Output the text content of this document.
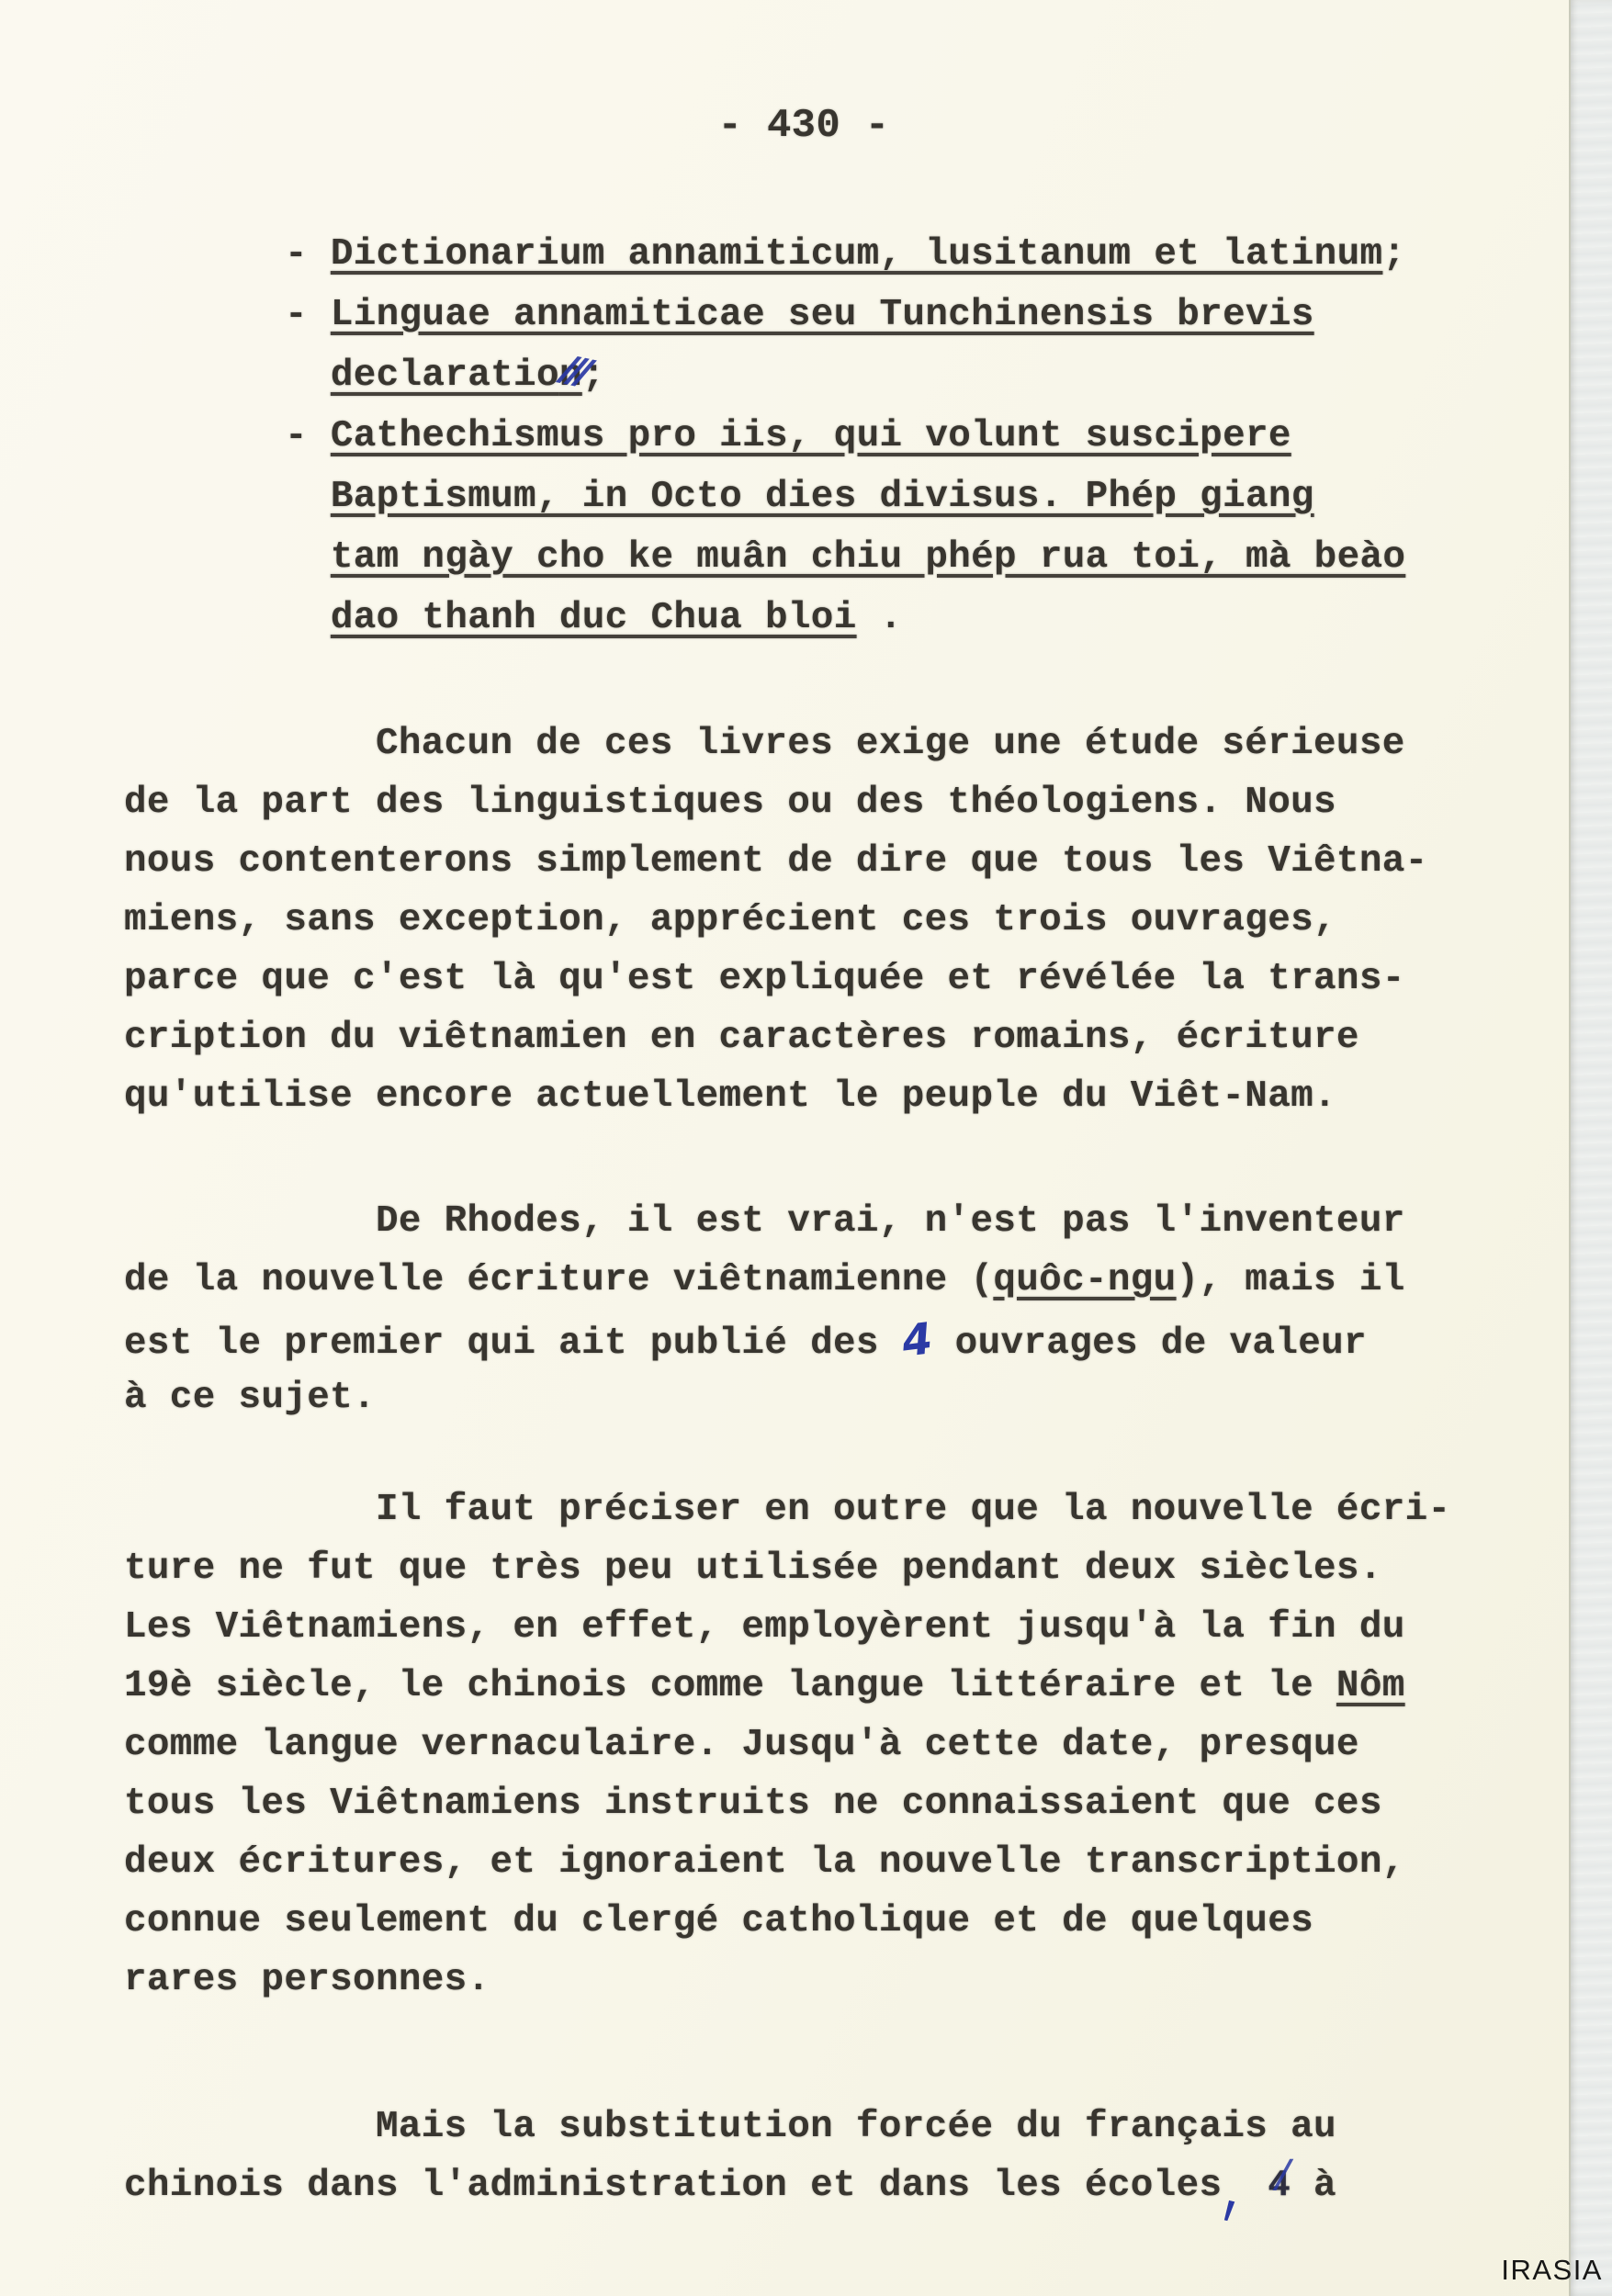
- 430 -
- Dictionarium annamiticum, lusitanum et latinum;
- Linguae annamiticae seu Tunchinensis brevis
declaration ///;
- Cathechismus pro iis, qui volunt suscipere
Baptismum, in Octo dies divisus. Phép giang
tam ngày cho ke muân chiu phép rua toi, mà beào
dao thanh duc Chua bloi .
Chacun de ces livres exige une étude sérieuse
de la part des linguistiques ou des théologiens. Nous
nous contenterons simplement de dire que tous les Viêtna-
miens, sans exception, apprécient ces trois ouvrages,
parce que c'est là qu'est expliquée et révélée la trans-
cription du viêtnamien en caractères romains, écriture
qu'utilise encore actuellement le peuple du Viêt-Nam.
De Rhodes, il est vrai, n'est pas l'inventeur
de la nouvelle écriture viêtnamienne (quôc-ngu), mais il
est le premier qui ait publié des 4 ouvrages de valeur
à ce sujet.
Il faut préciser en outre que la nouvelle écri-
ture ne fut que très peu utilisée pendant deux siècles.
Les Viêtnamiens, en effet, employèrent jusqu'à la fin du
19è siècle, le chinois comme langue littéraire et le Nôm
comme langue vernaculaire. Jusqu'à cette date, presque
tous les Viêtnamiens instruits ne connaissaient que ces
deux écritures, et ignoraient la nouvelle transcription,
connue seulement du clergé catholique et de quelques
rares personnes.
Mais la substitution forcée du français au
chinois dans l'administration et dans les écoles, 4 ∕ à
IRASIA
